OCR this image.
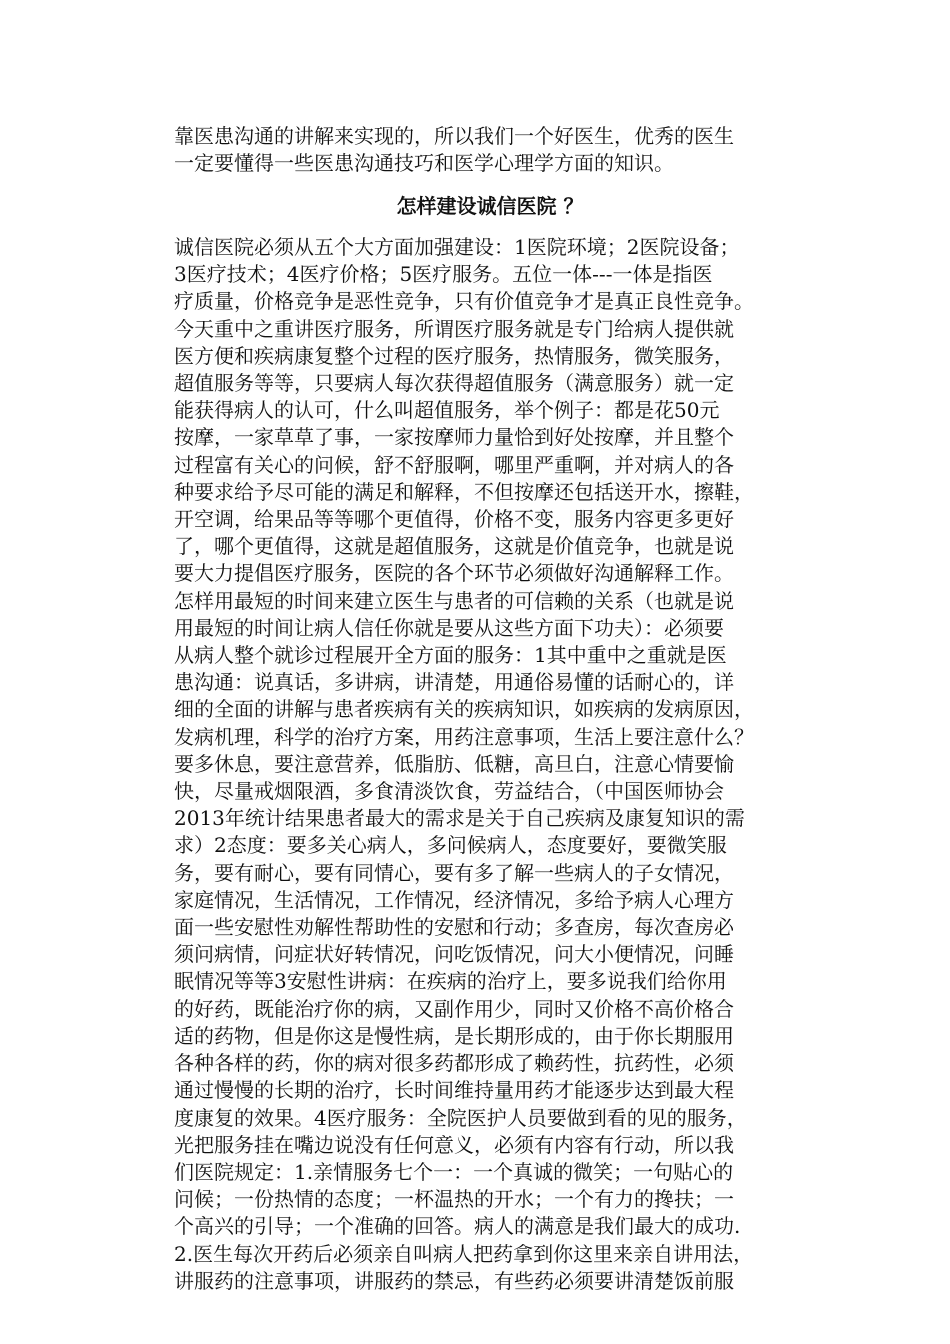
靠医患沟通的讲解来实现的，所以我们一个好医生，优秀的医生
一定要懂得一些医患沟通技巧和医学心理学方面的知识。

怎样建设诚信医院 ？

诚信医院必须从五个大方面加强建设：1医院环境；2医院设备；
3医疗技术；4医疗价格；5医疗服务。五位一体---一体是指医
疗质量，价格竞争是恶性竞争，只有价值竞争才是真正良性竞争。
今天重中之重讲医疗服务，所谓医疗服务就是专门给病人提供就
医方便和疾病康复整个过程的医疗服务，热情服务，微笑服务，
超值服务等等，只要病人每次获得超值服务（满意服务）就一定
能获得病人的认可，什么叫超值服务，举个例子：都是花50元
按摩，一家草草了事，一家按摩师力量恰到好处按摩，并且整个
过程富有关心的问候，舒不舒服啊，哪里严重啊，并对病人的各
种要求给予尽可能的满足和解释，不但按摩还包括送开水，擦鞋，
开空调，给果品等等哪个更值得，价格不变，服务内容更多更好
了，哪个更值得，这就是超值服务，这就是价值竞争，也就是说
要大力提倡医疗服务，医院的各个环节必须做好沟通解释工作。
怎样用最短的时间来建立医生与患者的可信赖的关系（也就是说
用最短的时间让病人信任你就是要从这些方面下功夫）：必须要
从病人整个就诊过程展开全方面的服务：1其中重中之重就是医
患沟通：说真话，多讲病，讲清楚，用通俗易懂的话耐心的，详
细的全面的讲解与患者疾病有关的疾病知识，如疾病的发病原因，
发病机理，科学的治疗方案，用药注意事项，生活上要注意什么？
要多休息，要注意营养，低脂肪、低糖，高旦白，注意心情要愉
快，尽量戒烟限酒，多食清淡饮食，劳益结合，（中国医师协会
2013年统计结果患者最大的需求是关于自己疾病及康复知识的需
求）2态度：要多关心病人，多问候病人，态度要好，要微笑服
务，要有耐心，要有同情心，要有多了解一些病人的子女情况，
家庭情况，生活情况，工作情况，经济情况，多给予病人心理方
面一些安慰性劝解性帮助性的安慰和行动；多查房，每次查房必
须问病情，问症状好转情况，问吃饭情况，问大小便情况，问睡
眠情况等等3安慰性讲病：在疾病的治疗上，要多说我们给你用
的好药，既能治疗你的病，又副作用少，同时又价格不高价格合
适的药物，但是你这是慢性病，是长期形成的，由于你长期服用
各种各样的药，你的病对很多药都形成了赖药性，抗药性，必须
通过慢慢的长期的治疗，长时间维持量用药才能逐步达到最大程
度康复的效果。4医疗服务：全院医护人员要做到看的见的服务，
光把服务挂在嘴边说没有任何意义，必须有内容有行动，所以我
们医院规定：1.亲情服务七个一：一个真诚的微笑；一句贴心的
问候；一份热情的态度；一杯温热的开水；一个有力的搀扶；一
个高兴的引导；一个准确的回答。病人的满意是我们最大的成功.
2.医生每次开药后必须亲自叫病人把药拿到你这里来亲自讲用法，
讲服药的注意事项，讲服药的禁忌，有些药必须要讲清楚饭前服
